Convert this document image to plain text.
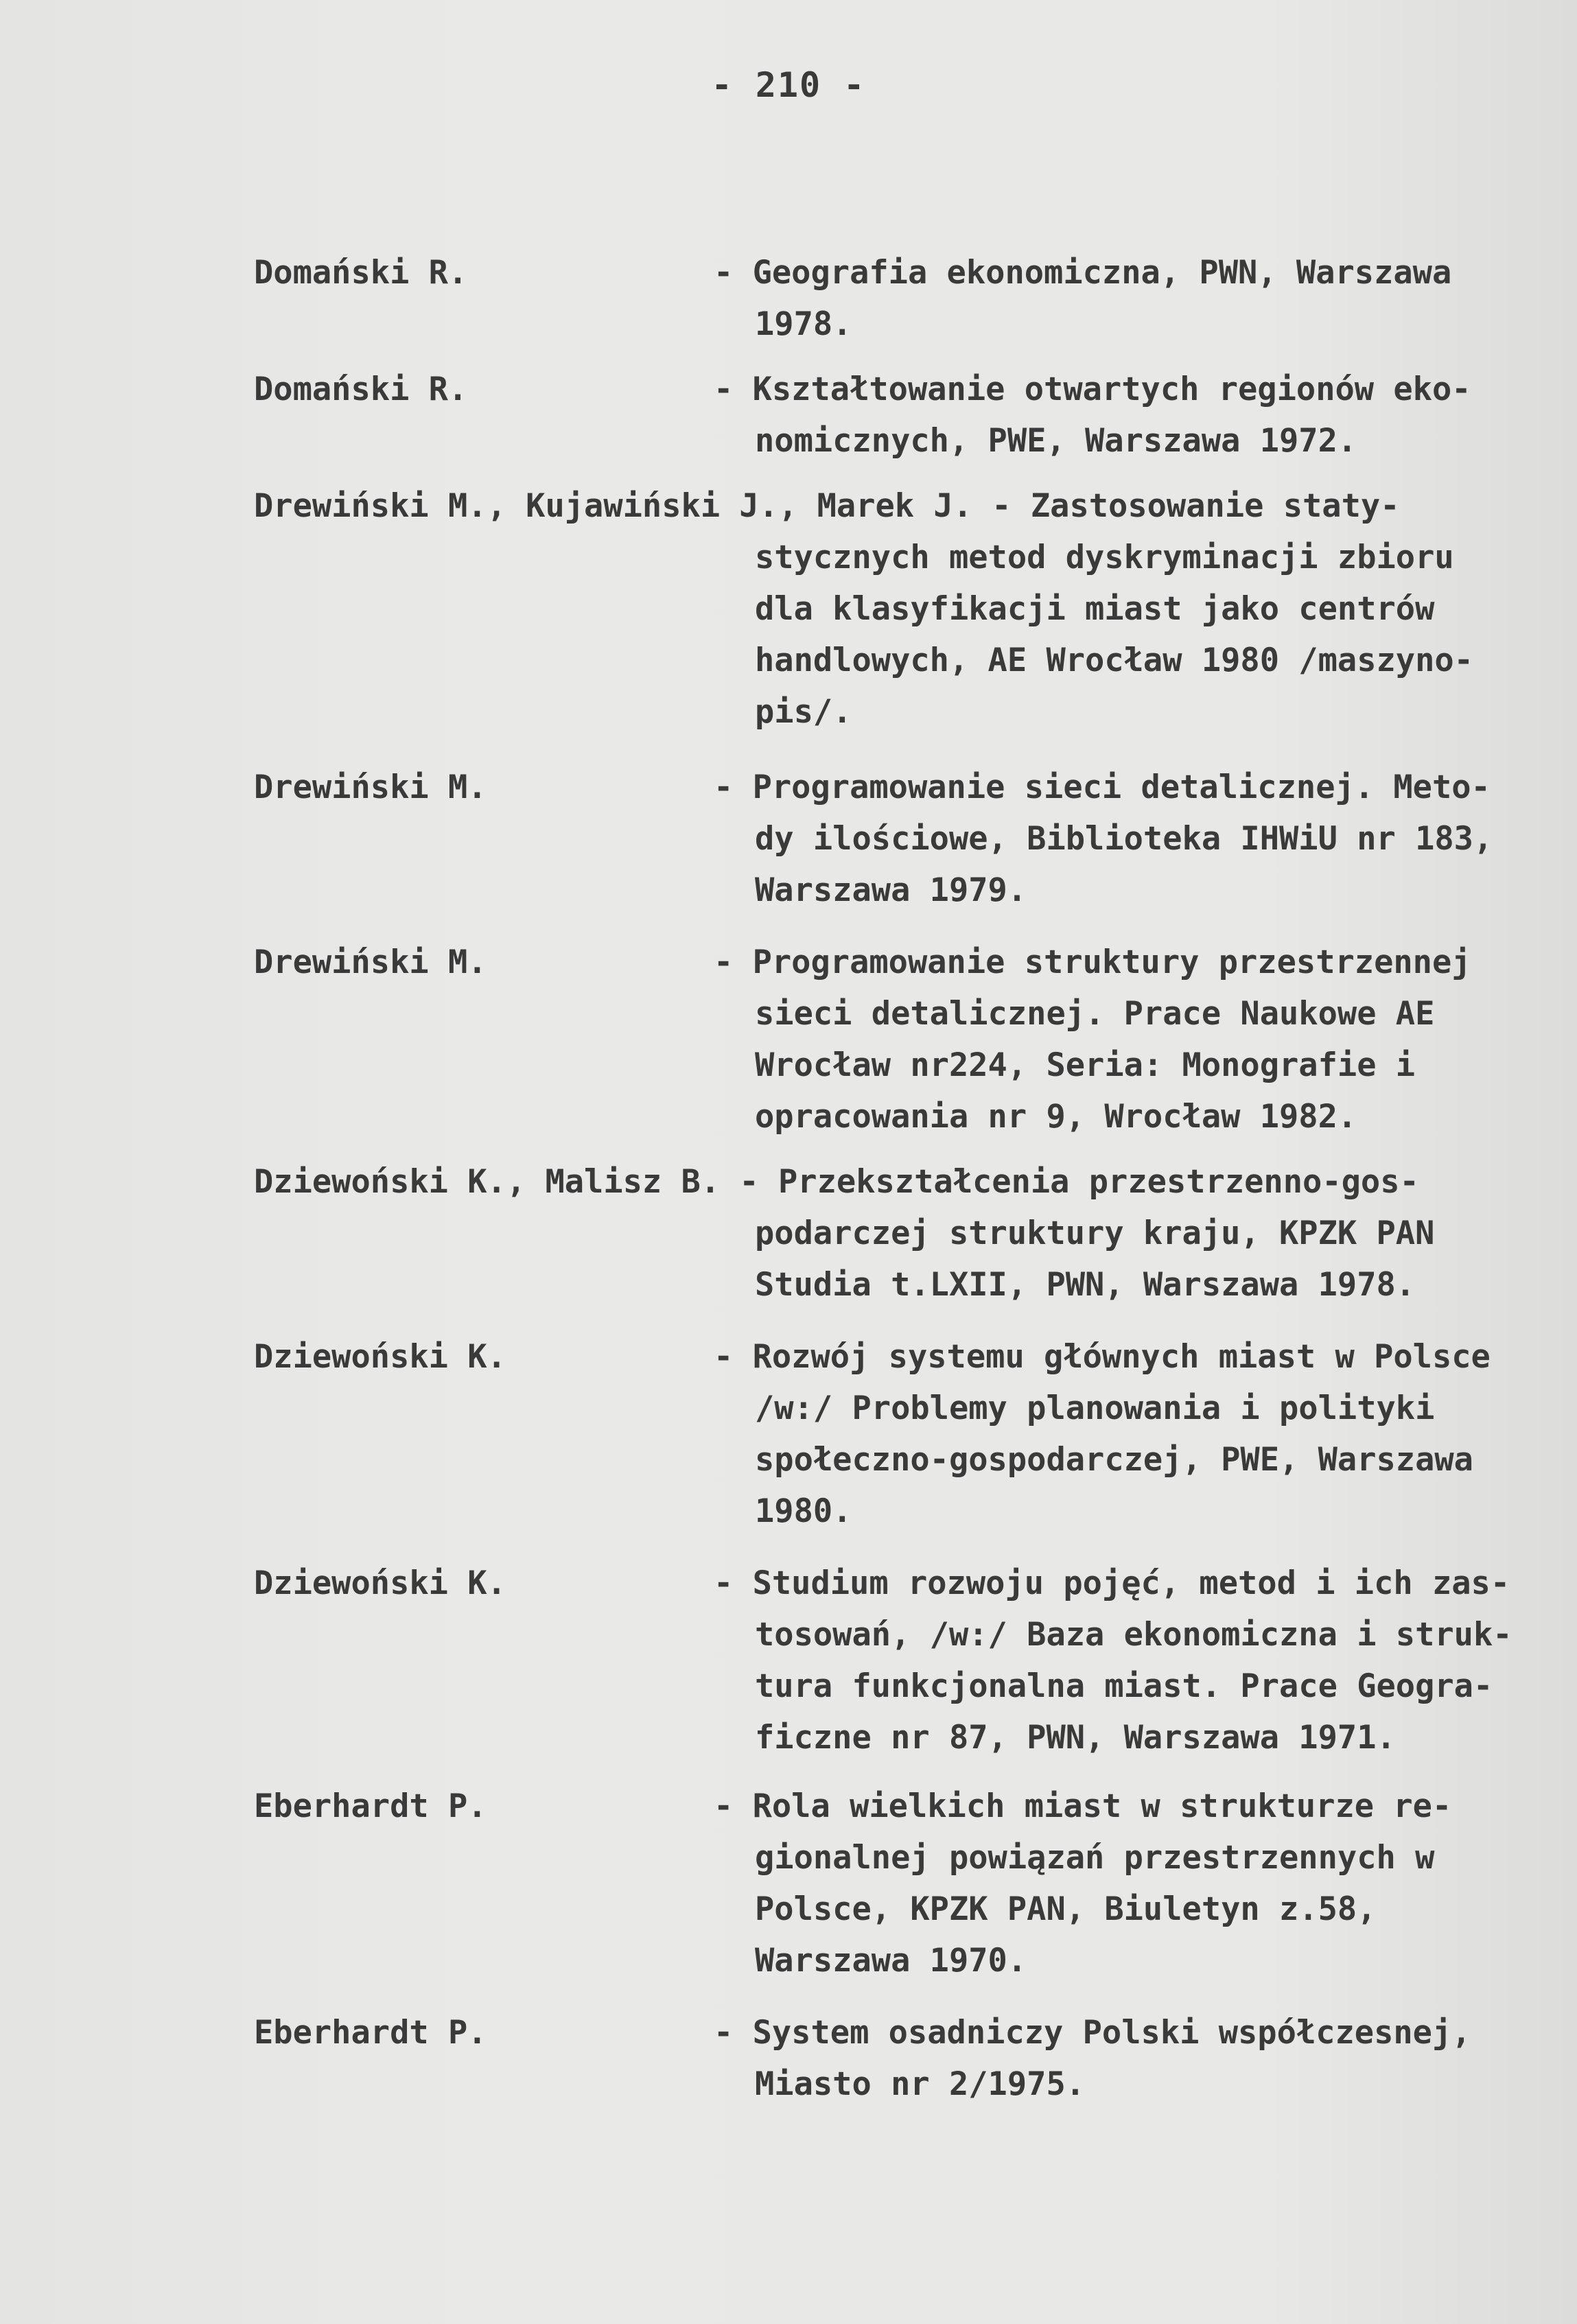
- 210 -
Domański R.	- Geografia ekonomiczna, PWN, Warszawa
1978.
Domański R.	- Kształtowanie otwartych regionów eko-
nomicznych, PWE, Warszawa 1972.
Drewiński M., Kujawiński J., Marek J. - Zastosowanie staty-
stycznych metod dyskryminacji zbioru
dla klasyfikacji miast jako centrów
handlowych, AE Wrocław 1980 /maszyno-
pis/.
Drewiński M.	- Programowanie sieci detalicznej. Meto-
dy ilościowe, Biblioteka IHWiU nr 183,
Warszawa 1979.
Drewiński M.	- Programowanie struktury przestrzennej
sieci detalicznej. Prace Naukowe AE
Wrocław nr224, Seria: Monografie i
opracowania nr 9, Wrocław 1982.
Dziewoński K., Malisz B. - Przekształcenia przestrzenno-gos-
podarczej struktury kraju, KPZK PAN
Studia t.LXII, PWN, Warszawa 1978.
Dziewoński K.	- Rozwój systemu głównych miast w Polsce
/w:/ Problemy planowania i polityki
społeczno-gospodarczej, PWE, Warszawa
1980.
Dziewoński K.	- Studium rozwoju pojęć, metod i ich zas-
tosowań, /w:/ Baza ekonomiczna i struk-
tura funkcjonalna miast. Prace Geogra-
ficzne nr 87, PWN, Warszawa 1971.
Eberhardt P.	- Rola wielkich miast w strukturze re-
gionalnej powiązań przestrzennych w
Polsce, KPZK PAN, Biuletyn z.58,
Warszawa 1970.
Eberhardt P.	- System osadniczy Polski współczesnej,
Miasto nr 2/1975.
